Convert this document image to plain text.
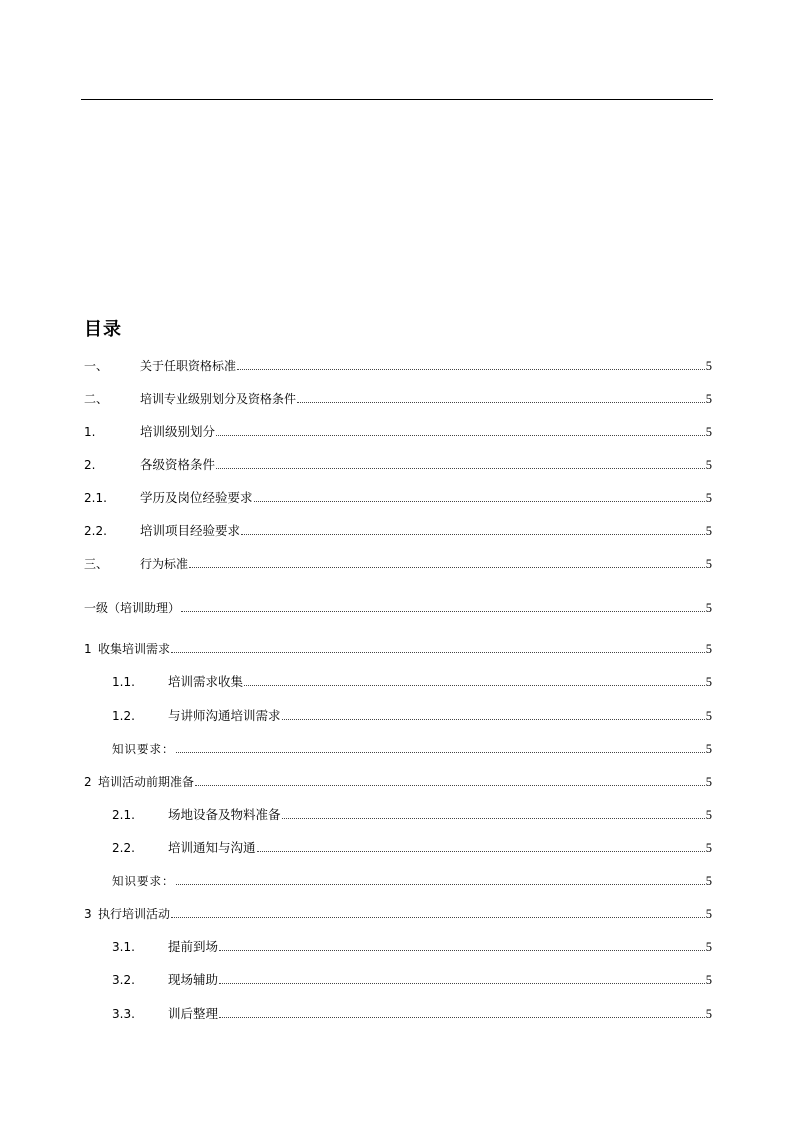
目录
一、	关于任职资格标准	5
二、	培训专业级别划分及资格条件	5
1.	培训级别划分	5
2.	各级资格条件	5
2.1.	学历及岗位经验要求	5
2.2.	培训项目经验要求	5
三、	行为标准	5
一级（培训助理）	5
1 收集培训需求	5
1.1.	培训需求收集	5
1.2.	与讲师沟通培训需求	5
知识要求：	5
2 培训活动前期准备	5
2.1.	场地设备及物料准备	5
2.2.	培训通知与沟通	5
知识要求：	5
3 执行培训活动	5
3.1.	提前到场	5
3.2.	现场辅助	5
3.3.	训后整理	5
